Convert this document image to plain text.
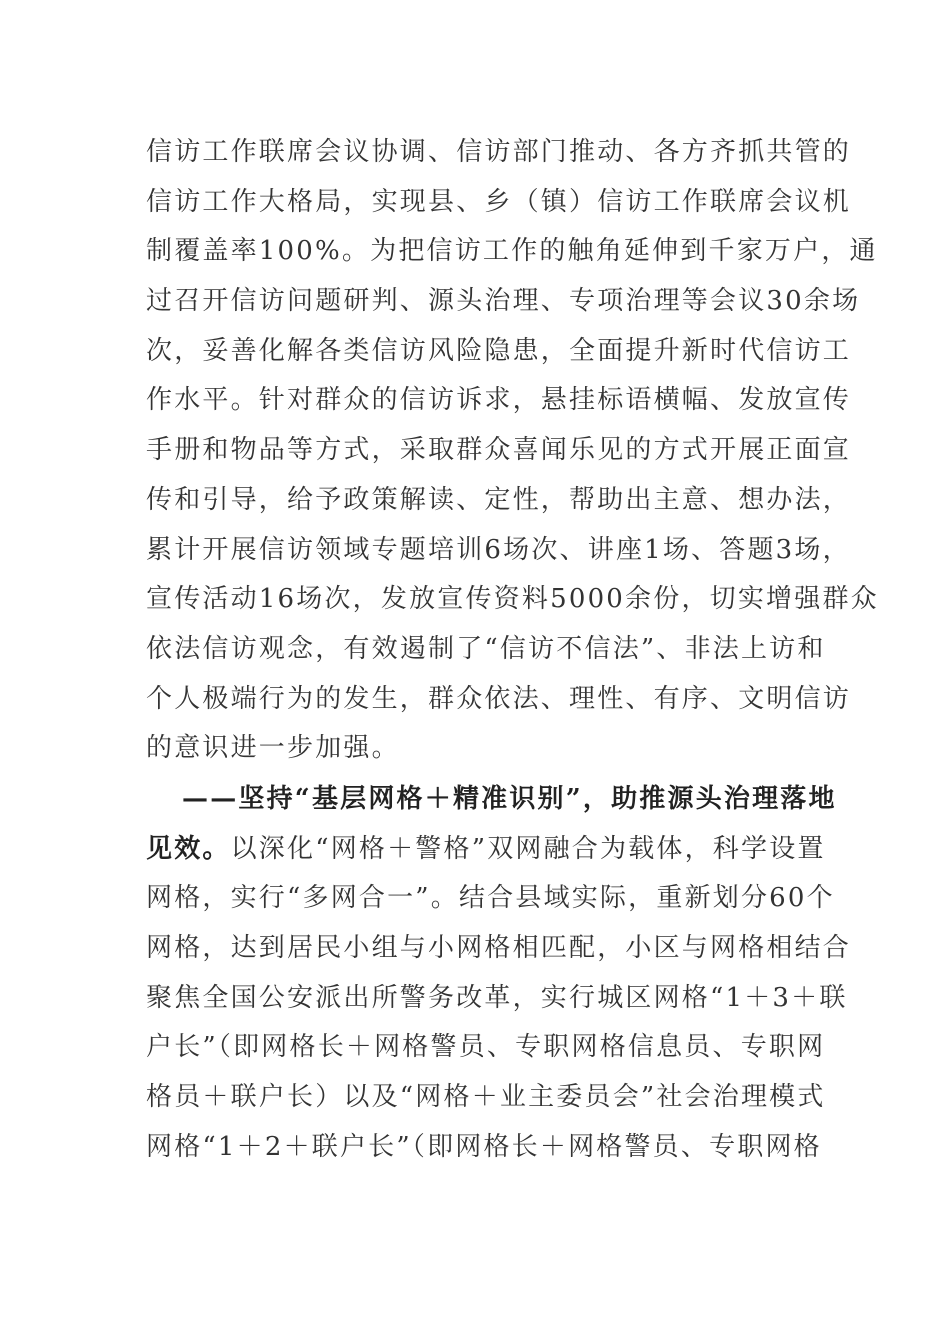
信访工作联席会议协调、信访部门推动、各方齐抓共管的
信访工作大格局，实现县、乡（镇）信访工作联席会议机
制覆盖率100%。为把信访工作的触角延伸到千家万户，通
过召开信访问题研判、源头治理、专项治理等会议30余场
次，妥善化解各类信访风险隐患，全面提升新时代信访工
作水平。针对群众的信访诉求，悬挂标语横幅、发放宣传
手册和物品等方式，采取群众喜闻乐见的方式开展正面宣
传和引导，给予政策解读、定性，帮助出主意、想办法，
累计开展信访领域专题培训6场次、讲座1场、答题3场，
宣传活动16场次，发放宣传资料5000余份，切实增强群众
依法信访观念，有效遏制了“信访不信法”、非法上访和
个人极端行为的发生，群众依法、理性、有序、文明信访
的意识进一步加强。
——坚持“基层网格＋精准识别”，助推源头治理落地
见效。以深化“网格＋警格”双网融合为载体，科学设置
网格，实行“多网合一”。结合县域实际，重新划分60个
网格，达到居民小组与小网格相匹配，小区与网格相结合
聚焦全国公安派出所警务改革，实行城区网格“1＋3＋联
户长”（即网格长＋网格警员、专职网格信息员、专职网
格员＋联户长）以及“网格＋业主委员会”社会治理模式
网格“1＋2＋联户长”（即网格长＋网格警员、专职网格
